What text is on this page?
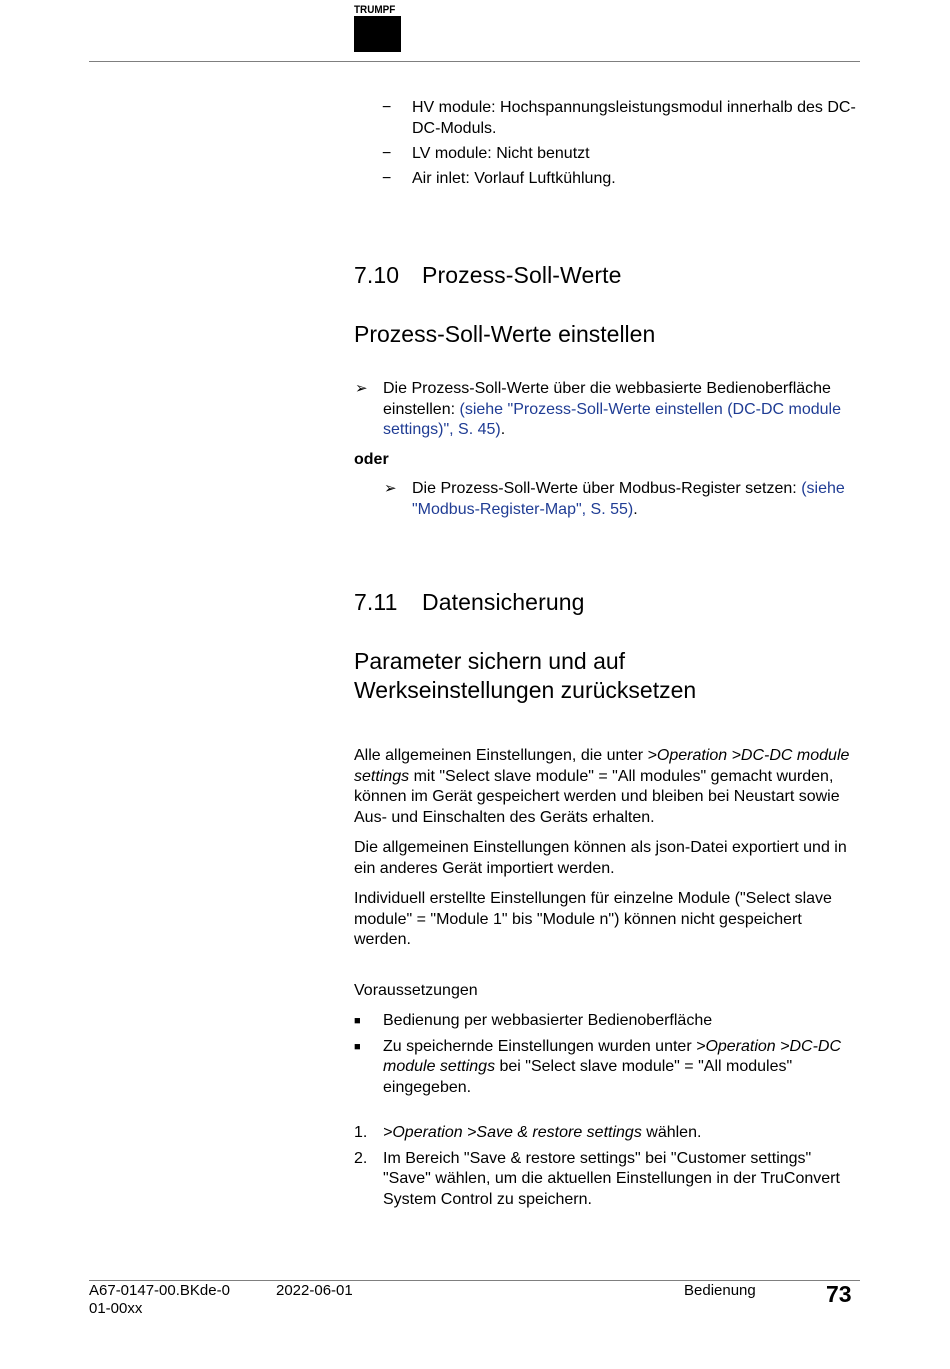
TRUMPF
− HV module: Hochspannungsleistungsmodul innerhalb des DC-DC-Moduls.
− LV module: Nicht benutzt
− Air inlet: Vorlauf Luftkühlung.
7.10 Prozess-Soll-Werte
Prozess-Soll-Werte einstellen
➢ Die Prozess-Soll-Werte über die webbasierte Bedienoberfläche einstellen: (siehe "Prozess-Soll-Werte einstellen (DC-DC module settings)", S. 45).

oder

➢ Die Prozess-Soll-Werte über Modbus-Register setzen: (siehe "Modbus-Register-Map", S. 55).
7.11 Datensicherung
Parameter sichern und auf
Werkseinstellungen zurücksetzen

Alle allgemeinen Einstellungen, die unter >Operation >DC-DC module settings mit "Select slave module" = "All modules" gemacht wurden, können im Gerät gespeichert werden und bleiben bei Neustart sowie Aus- und Einschalten des Geräts erhalten.

Die allgemeinen Einstellungen können als json-Datei exportiert und in ein anderes Gerät importiert werden.

Individuell erstellte Einstellungen für einzelne Module ("Select slave module" = "Module 1" bis "Module n") können nicht gespeichert werden.

Voraussetzungen

■ Bedienung per webbasierter Bedienoberfläche
■ Zu speichernde Einstellungen wurden unter >Operation >DC-DC module settings bei "Select slave module" = "All modules" eingegeben.
1. >Operation >Save & restore settings wählen.
2. Im Bereich "Save & restore settings" bei "Customer settings" "Save" wählen, um die aktuellen Einstellungen in der TruConvert System Control zu speichern.
A67-0147-00.BKde-0
01-00xx
2022-06-01	Bedienung	73
